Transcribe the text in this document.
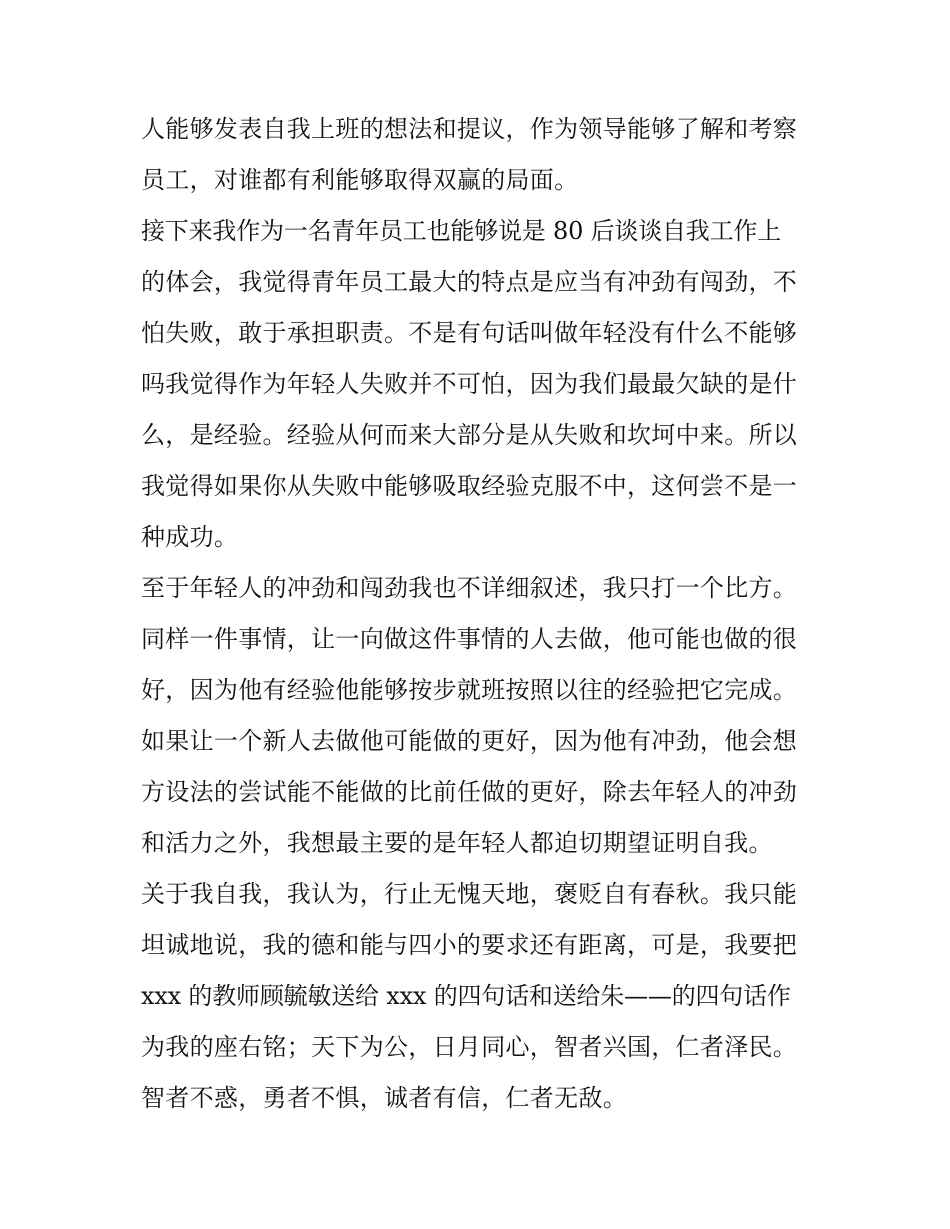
人能够发表自我上班的想法和提议，作为领导能够了解和考察
员工，对谁都有利能够取得双赢的局面。
接下来我作为一名青年员工也能够说是 80 后谈谈自我工作上
的体会，我觉得青年员工最大的特点是应当有冲劲有闯劲，不
怕失败，敢于承担职责。不是有句话叫做年轻没有什么不能够
吗我觉得作为年轻人失败并不可怕，因为我们最最欠缺的是什
么，是经验。经验从何而来大部分是从失败和坎坷中来。所以
我觉得如果你从失败中能够吸取经验克服不中，这何尝不是一
种成功。
至于年轻人的冲劲和闯劲我也不详细叙述，我只打一个比方。
同样一件事情，让一向做这件事情的人去做，他可能也做的很
好，因为他有经验他能够按步就班按照以往的经验把它完成。
如果让一个新人去做他可能做的更好，因为他有冲劲，他会想
方设法的尝试能不能做的比前任做的更好，除去年轻人的冲劲
和活力之外，我想最主要的是年轻人都迫切期望证明自我。
关于我自我，我认为，行止无愧天地，褒贬自有春秋。我只能
坦诚地说，我的德和能与四小的要求还有距离，可是，我要把
xxx 的教师顾毓敏送给 xxx 的四句话和送给朱——的四句话作
为我的座右铭；天下为公，日月同心，智者兴国，仁者泽民。
智者不惑，勇者不惧，诚者有信，仁者无敌。
